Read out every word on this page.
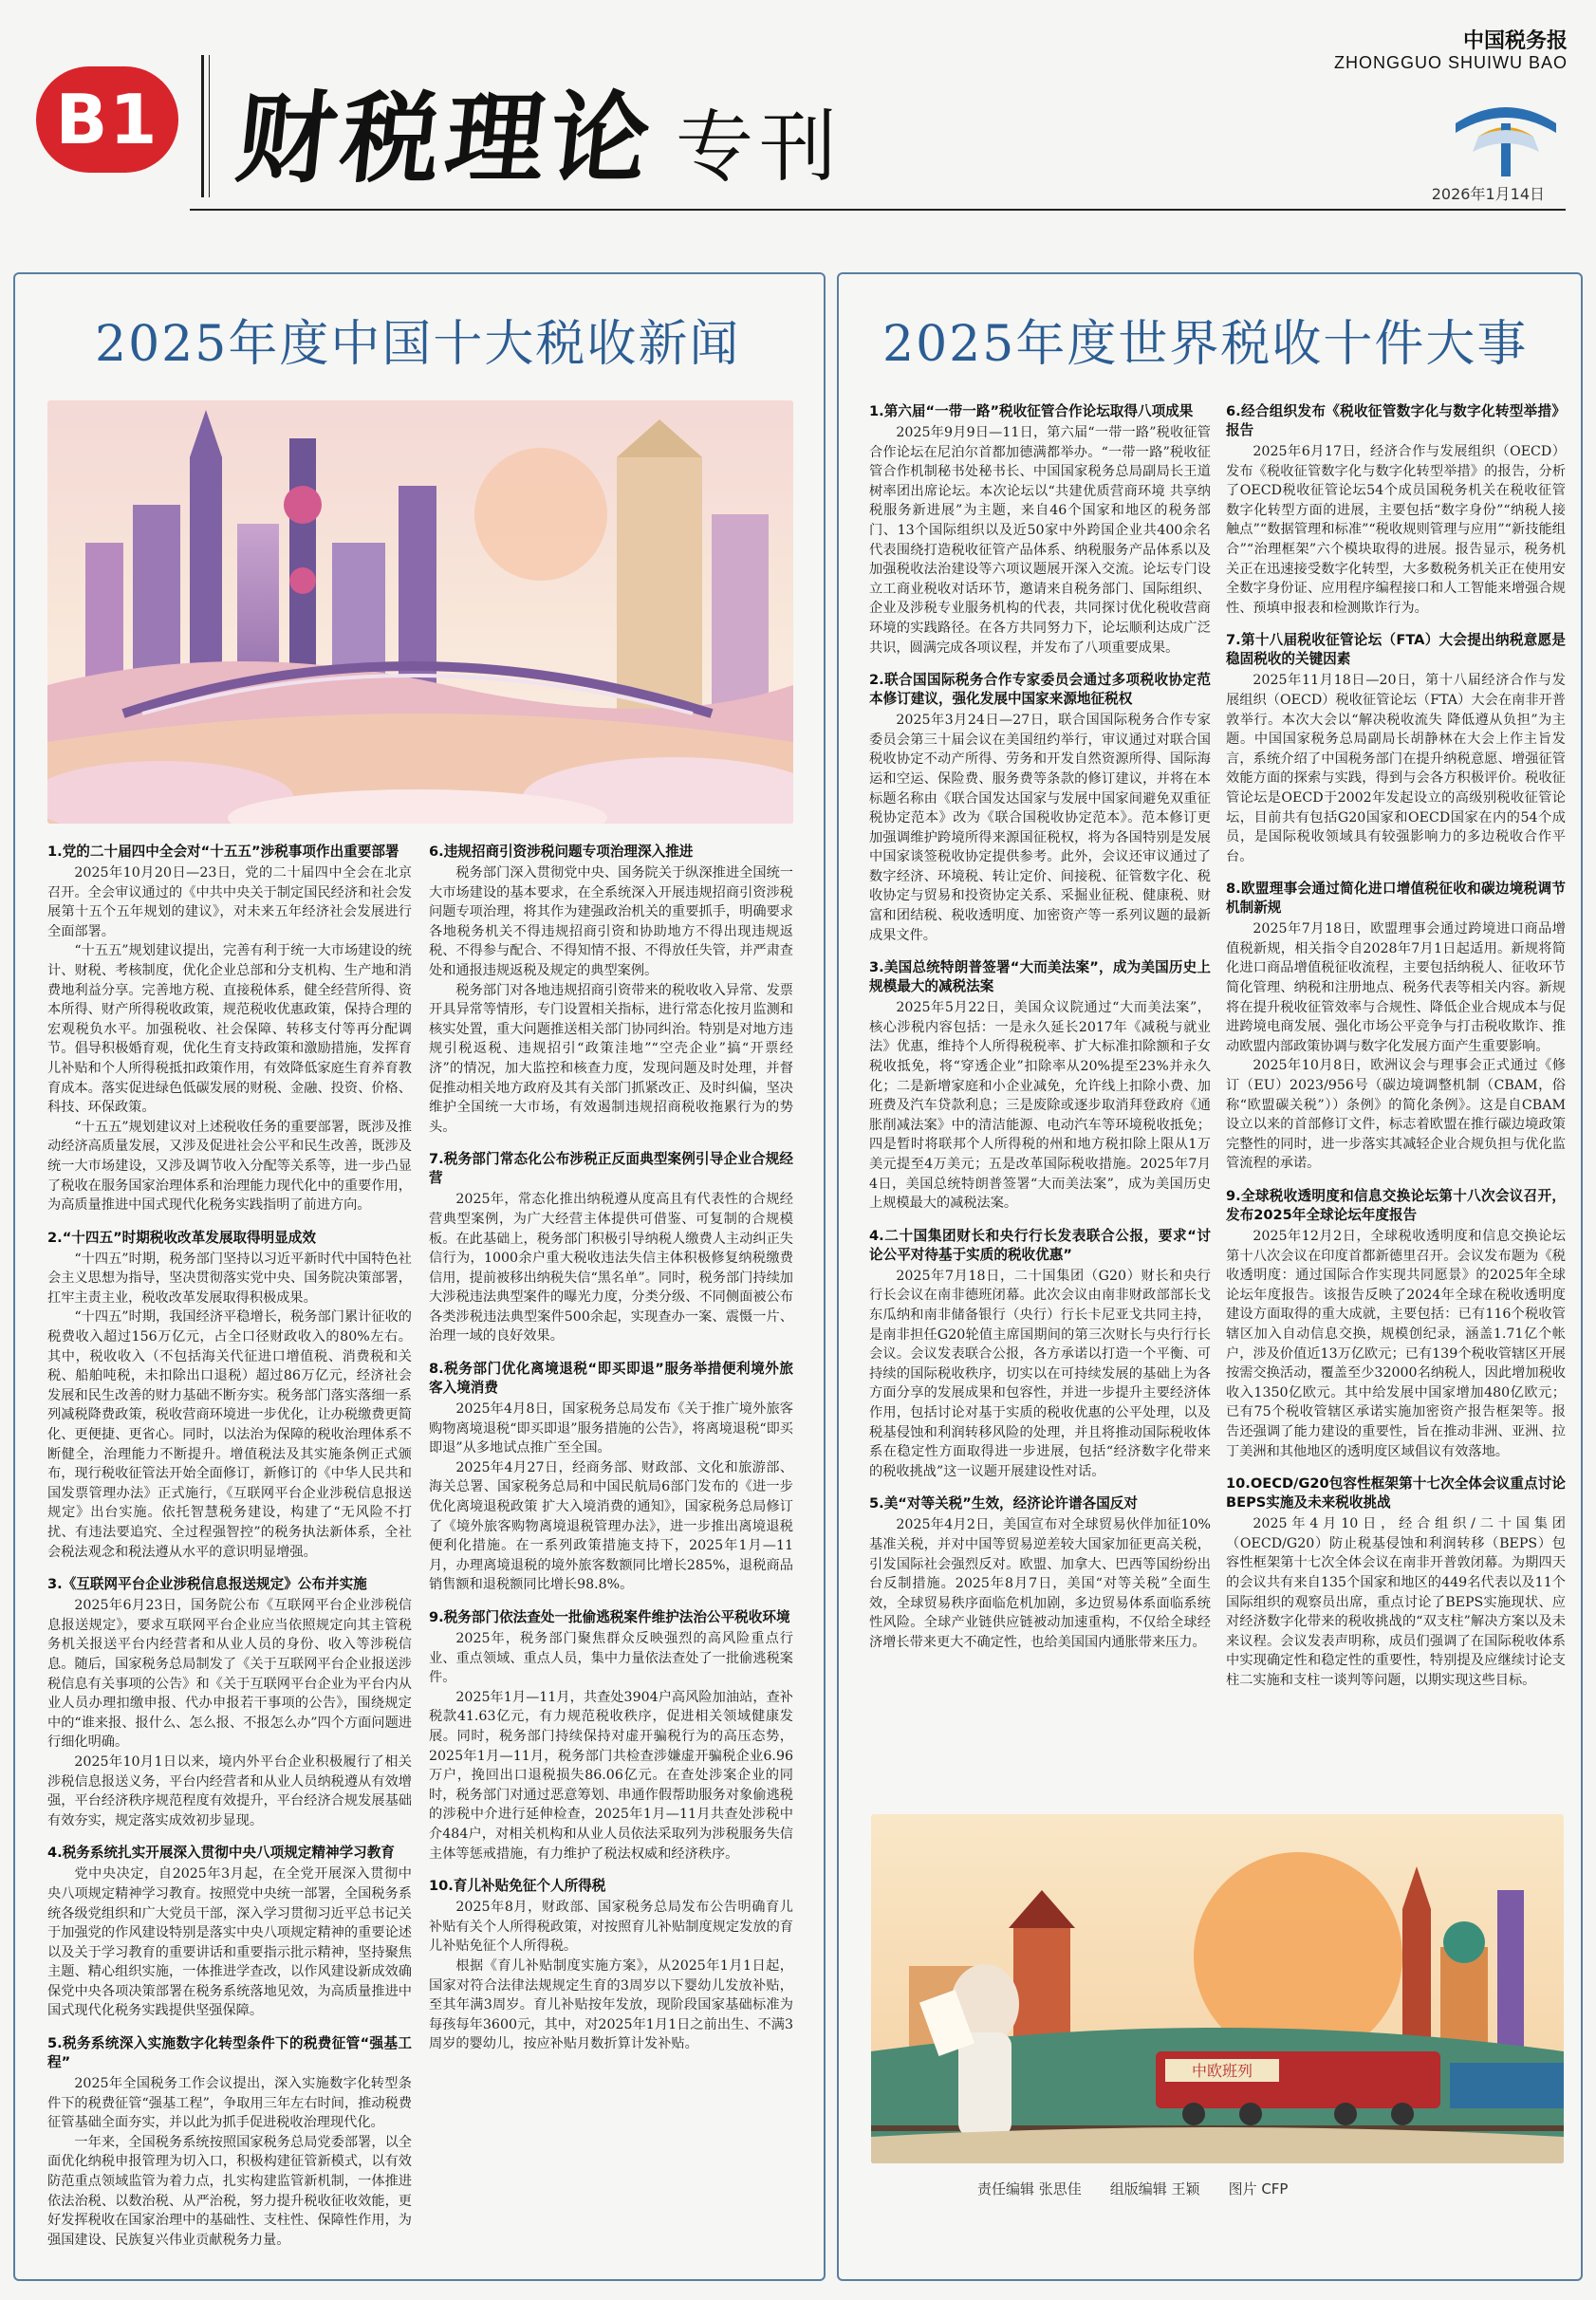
B1 财税理论 专刊
中国税务报
ZHONGGUO SHUIWU BAO
2026年1月14日
2025年度中国十大税收新闻
1.党的二十届四中全会对“十五五”涉税事项作出重要部署

2025年10月20日—23日，党的二十届四中全会在北京召开。全会审议通过的《中共中央关于制定国民经济和社会发展第十五个五年规划的建议》，对未来五年经济社会发展进行全面部署。

“十五五”规划建议提出，完善有利于统一大市场建设的统计、财税、考核制度，优化企业总部和分支机构、生产地和消费地利益分享。完善地方税、直接税体系，健全经营所得、资本所得、财产所得税收政策，规范税收优惠政策，保持合理的宏观税负水平。加强税收、社会保障、转移支付等再分配调节。倡导积极婚育观，优化生育支持政策和激励措施，发挥育儿补贴和个人所得税抵扣政策作用，有效降低家庭生育养育教育成本。落实促进绿色低碳发展的财税、金融、投资、价格、科技、环保政策。

“十五五”规划建议对上述税收任务的重要部署，既涉及推动经济高质量发展，又涉及促进社会公平和民生改善，既涉及统一大市场建设，又涉及调节收入分配等关系等，进一步凸显了税收在服务国家治理体系和治理能力现代化中的重要作用，为高质量推进中国式现代化税务实践指明了前进方向。

2.“十四五”时期税收改革发展取得明显成效

“十四五”时期，税务部门坚持以习近平新时代中国特色社会主义思想为指导，坚决贯彻落实党中央、国务院决策部署，扛牢主责主业，税收改革发展取得积极成果。

“十四五”时期，我国经济平稳增长，税务部门累计征收的税费收入超过156万亿元，占全口径财政收入的80%左右。其中，税收收入（不包括海关代征进口增值税、消费税和关税、船舶吨税，未扣除出口退税）超过86万亿元，经济社会发展和民生改善的财力基础不断夯实。税务部门落实落细一系列减税降费政策，税收营商环境进一步优化，让办税缴费更简化、更便捷、更省心。同时，以法治为保障的税收治理体系不断健全，治理能力不断提升。增值税法及其实施条例正式颁布，现行税收征管法开始全面修订，新修订的《中华人民共和国发票管理办法》正式施行，《互联网平台企业涉税信息报送规定》出台实施。依托智慧税务建设，构建了“无风险不打扰、有违法要追究、全过程强智控”的税务执法新体系，全社会税法观念和税法遵从水平的意识明显增强。

3.《互联网平台企业涉税信息报送规定》公布并实施

2025年6月23日，国务院公布《互联网平台企业涉税信息报送规定》，要求互联网平台企业应当依照规定向其主管税务机关报送平台内经营者和从业人员的身份、收入等涉税信息。随后，国家税务总局制发了《关于互联网平台企业报送涉税信息有关事项的公告》和《关于互联网平台企业为平台内从业人员办理扣缴申报、代办申报若干事项的公告》，围绕规定中的“谁来报、报什么、怎么报、不报怎么办”四个方面问题进行细化明确。

2025年10月1日以来，境内外平台企业积极履行了相关涉税信息报送义务，平台内经营者和从业人员纳税遵从有效增强，平台经济秩序规范程度有效提升，平台经济合规发展基础有效夯实，规定落实成效初步显现。

4.税务系统扎实开展深入贯彻中央八项规定精神学习教育

党中央决定，自2025年3月起，在全党开展深入贯彻中央八项规定精神学习教育。按照党中央统一部署，全国税务系统各级党组织和广大党员干部，深入学习贯彻习近平总书记关于加强党的作风建设特别是落实中央八项规定精神的重要论述以及关于学习教育的重要讲话和重要指示批示精神，坚持聚焦主题、精心组织实施，一体推进学查改，以作风建设新成效确保党中央各项决策部署在税务系统落地见效，为高质量推进中国式现代化税务实践提供坚强保障。

5.税务系统深入实施数字化转型条件下的税费征管“强基工程”

2025年全国税务工作会议提出，深入实施数字化转型条件下的税费征管“强基工程”，争取用三年左右时间，推动税费征管基础全面夯实，并以此为抓手促进税收治理现代化。

一年来，全国税务系统按照国家税务总局党委部署，以全面优化纳税申报管理为切入口，积极构建征管新模式，以有效防范重点领域监管为着力点，扎实构建监管新机制，一体推进依法治税、以数治税、从严治税，努力提升税收征收效能，更好发挥税收在国家治理中的基础性、支柱性、保障性作用，为强国建设、民族复兴伟业贡献税务力量。

6.违规招商引资涉税问题专项治理深入推进

税务部门深入贯彻党中央、国务院关于纵深推进全国统一大市场建设的基本要求，在全系统深入开展违规招商引资涉税问题专项治理，将其作为建强政治机关的重要抓手，明确要求各地税务机关不得违规招商引资和协助地方不得出现违规返税、不得参与配合、不得知情不报、不得放任失管，并严肃查处和通报违规返税及规定的典型案例。

税务部门对各地违规招商引资带来的税收收入异常、发票开具异常等情形，专门设置相关指标，进行常态化按月监测和核实处置，重大问题推送相关部门协同纠治。特别是对地方违规引税返税、违规招引“政策洼地”“空壳企业”搞“开票经济”的情况，加大监控和核查力度，发现问题及时处理，并督促推动相关地方政府及其有关部门抓紧改正、及时纠偏，坚决维护全国统一大市场，有效遏制违规招商税收拖累行为的势头。

7.税务部门常态化公布涉税正反面典型案例引导企业合规经营

2025年，常态化推出纳税遵从度高且有代表性的合规经营典型案例，为广大经营主体提供可借鉴、可复制的合规模板。在此基础上，税务部门积极引导纳税人缴费人主动纠正失信行为，1000余户重大税收违法失信主体积极修复纳税缴费信用，提前被移出纳税失信“黑名单”。同时，税务部门持续加大涉税违法典型案件的曝光力度，分类分级、不同侧面被公布各类涉税违法典型案件500余起，实现查办一案、震慑一片、治理一域的良好效果。

8.税务部门优化离境退税“即买即退”服务举措便利境外旅客入境消费

2025年4月8日，国家税务总局发布《关于推广境外旅客购物离境退税“即买即退”服务措施的公告》，将离境退税“即买即退”从多地试点推广至全国。

2025年4月27日，经商务部、财政部、文化和旅游部、海关总署、国家税务总局和中国民航局6部门发布的《进一步优化离境退税政策 扩大入境消费的通知》，国家税务总局修订了《境外旅客购物离境退税管理办法》，进一步推出离境退税便利化措施。在一系列政策措施支持下，2025年1月—11月，办理离境退税的境外旅客数额同比增长285%，退税商品销售额和退税额同比增长98.8%。

9.税务部门依法查处一批偷逃税案件维护法治公平税收环境

2025年，税务部门聚焦群众反映强烈的高风险重点行业、重点领域、重点人员，集中力量依法查处了一批偷逃税案件。

2025年1月—11月，共查处3904户高风险加油站，查补税款41.63亿元，有力规范税收秩序，促进相关领域健康发展。同时，税务部门持续保持对虚开骗税行为的高压态势，2025年1月—11月，税务部门共检查涉嫌虚开骗税企业6.96万户，挽回出口退税损失86.06亿元。在查处涉案企业的同时，税务部门对通过恶意筹划、串通作假帮助服务对象偷逃税的涉税中介进行延伸检查，2025年1月—11月共查处涉税中介484户，对相关机构和从业人员依法采取列为涉税服务失信主体等惩戒措施，有力维护了税法权威和经济秩序。

10.育儿补贴免征个人所得税

2025年8月，财政部、国家税务总局发布公告明确育儿补贴有关个人所得税政策，对按照育儿补贴制度规定发放的育儿补贴免征个人所得税。

根据《育儿补贴制度实施方案》，从2025年1月1日起，国家对符合法律法规规定生育的3周岁以下婴幼儿发放补贴，至其年满3周岁。育儿补贴按年发放，现阶段国家基础标准为每孩每年3600元，其中，对2025年1月1日之前出生、不满3周岁的婴幼儿，按应补贴月数折算计发补贴。

2025年度世界税收十件大事
1.第六届“一带一路”税收征管合作论坛取得八项成果

2025年9月9日—11日，第六届“一带一路”税收征管合作论坛在尼泊尔首都加德满都举办。“一带一路”税收征管合作机制秘书处秘书长、中国国家税务总局副局长王道树率团出席论坛。本次论坛以“共建优质营商环境 共享纳税服务新进展”为主题，来自46个国家和地区的税务部门、13个国际组织以及近50家中外跨国企业共400余名代表围绕打造税收征管产品体系、纳税服务产品体系以及加强税收法治建设等六项议题展开深入交流。论坛专门设立工商业税收对话环节，邀请来自税务部门、国际组织、企业及涉税专业服务机构的代表，共同探讨优化税收营商环境的实践路径。在各方共同努力下，论坛顺利达成广泛共识，圆满完成各项议程，并发布了八项重要成果。

2.联合国国际税务合作专家委员会通过多项税收协定范本修订建议，强化发展中国家来源地征税权

2025年3月24日—27日，联合国国际税务合作专家委员会第三十届会议在美国纽约举行，审议通过对联合国税收协定不动产所得、劳务和开发自然资源所得、国际海运和空运、保险费、服务费等条款的修订建议，并将在本标题名称由《联合国发达国家与发展中国家间避免双重征税协定范本》改为《联合国税收协定范本》。范本修订更加强调维护跨境所得来源国征税权，将为各国特别是发展中国家谈签税收协定提供参考。此外，会议还审议通过了数字经济、环境税、转让定价、间接税、征管数字化、税收协定与贸易和投资协定关系、采掘业征税、健康税、财富和团结税、税收透明度、加密资产等一系列议题的最新成果文件。

3.美国总统特朗普签署“大而美法案”，成为美国历史上规模最大的减税法案

2025年5月22日，美国众议院通过“大而美法案”，核心涉税内容包括：一是永久延长2017年《减税与就业法》优惠，维持个人所得税税率、扩大标准扣除额和子女税收抵免，将“穿透企业”扣除率从20%提至23%并永久化；二是新增家庭和小企业减免，允许线上扣除小费、加班费及汽车贷款利息；三是废除或逐步取消拜登政府《通胀削减法案》中的清洁能源、电动汽车等环境税收抵免；四是暂时将联邦个人所得税的州和地方税扣除上限从1万美元提至4万美元；五是改革国际税收措施。2025年7月4日，美国总统特朗普签署“大而美法案”，成为美国历史上规模最大的减税法案。

4.二十国集团财长和央行行长发表联合公报，要求“讨论公平对待基于实质的税收优惠”

2025年7月18日，二十国集团（G20）财长和央行行长会议在南非德班闭幕。此次会议由南非财政部部长戈东瓜纳和南非储备银行（央行）行长卡尼亚戈共同主持，是南非担任G20轮值主席国期间的第三次财长与央行行长会议。会议发表联合公报，各方承诺以打造一个平衡、可持续的国际税收秩序，切实以在可持续发展的基础上为各方面分享的发展成果和包容性，并进一步提升主要经济体作用，包括讨论对基于实质的税收优惠的公平处理，以及税基侵蚀和利润转移风险的处理，并且将推动国际税收体系在稳定性方面取得进一步进展，包括“经济数字化带来的税收挑战”这一议题开展建设性对话。

5.美“对等关税”生效，经济论许谱各国反对

2025年4月2日，美国宣布对全球贸易伙伴加征10%基准关税，并对中国等贸易逆差较大国家加征更高关税，引发国际社会强烈反对。欧盟、加拿大、巴西等国纷纷出台反制措施。2025年8月7日，美国“对等关税”全面生效，全球贸易秩序面临危机加剧，多边贸易体系面临系统性风险。全球产业链供应链被动加速重构，不仅给全球经济增长带来更大不确定性，也给美国国内通胀带来压力。

6.经合组织发布《税收征管数字化与数字化转型举措》报告

2025年6月17日，经济合作与发展组织（OECD）发布《税收征管数字化与数字化转型举措》的报告，分析了OECD税收征管论坛54个成员国税务机关在税收征管数字化转型方面的进展，主要包括“数字身份”“纳税人接触点”“数据管理和标准”“税收规则管理与应用”“新技能组合”“治理框架”六个模块取得的进展。报告显示，税务机关正在迅速接受数字化转型，大多数税务机关正在使用安全数字身份证、应用程序编程接口和人工智能来增强合规性、预填申报表和检测欺诈行为。

7.第十八届税收征管论坛（FTA）大会提出纳税意愿是稳固税收的关键因素

2025年11月18日—20日，第十八届经济合作与发展组织（OECD）税收征管论坛（FTA）大会在南非开普敦举行。本次大会以“解决税收流失 降低遵从负担”为主题。中国国家税务总局副局长胡静林在大会上作主旨发言，系统介绍了中国税务部门在提升纳税意愿、增强征管效能方面的探索与实践，得到与会各方积极评价。税收征管论坛是OECD于2002年发起设立的高级别税收征管论坛，目前共有包括G20国家和OECD国家在内的54个成员，是国际税收领域具有较强影响力的多边税收合作平台。

8.欧盟理事会通过简化进口增值税征收和碳边境税调节机制新规

2025年7月18日，欧盟理事会通过跨境进口商品增值税新规，相关指令自2028年7月1日起适用。新规将简化进口商品增值税征收流程，主要包括纳税人、征收环节简化管理、纳税和注册地点、税务代表等相关内容。新规将在提升税收征管效率与合规性、降低企业合规成本与促进跨境电商发展、强化市场公平竞争与打击税收欺诈、推动欧盟内部政策协调与数字化发展方面产生重要影响。

2025年10月8日，欧洲议会与理事会正式通过《修订（EU）2023/956号（碳边境调整机制（CBAM，俗称“欧盟碳关税”））条例》的简化条例》。这是自CBAM设立以来的首部修订文件，标志着欧盟在推行碳边境政策完整性的同时，进一步落实其减轻企业合规负担与优化监管流程的承诺。

9.全球税收透明度和信息交换论坛第十八次会议召开，发布2025年全球论坛年度报告

2025年12月2日，全球税收透明度和信息交换论坛第十八次会议在印度首都新德里召开。会议发布题为《税收透明度：通过国际合作实现共同愿景》的2025年全球论坛年度报告。该报告反映了2024年全球在税收透明度建设方面取得的重大成就，主要包括：已有116个税收管辖区加入自动信息交换，规模创纪录，涵盖1.71亿个帐户，涉及价值近13万亿欧元；已有139个税收管辖区开展按需交换活动，覆盖至少32000名纳税人，因此增加税收收入1350亿欧元。其中给发展中国家增加480亿欧元；已有75个税收管辖区承诺实施加密资产报告框架等。报告还强调了能力建设的重要性，旨在推动非洲、亚洲、拉丁美洲和其他地区的透明度区域倡议有效落地。

10.OECD/G20包容性框架第十七次全体会议重点讨论BEPS实施及未来税收挑战

2025年4月10日，经合组织/二十国集团（OECD/G20）防止税基侵蚀和利润转移（BEPS）包容性框架第十七次全体会议在南非开普敦闭幕。为期四天的会议共有来自135个国家和地区的449名代表以及11个国际组织的观察员出席，重点讨论了BEPS实施现状、应对经济数字化带来的税收挑战的“双支柱”解决方案以及未来议程。会议发表声明称，成员们强调了在国际税收体系中实现确定性和稳定性的重要性，特别提及应继续讨论支柱二实施和支柱一谈判等问题，以期实现这些目标。

中欧班列
责任编辑 张思佳 组版编辑 王颖 图片 CFP
